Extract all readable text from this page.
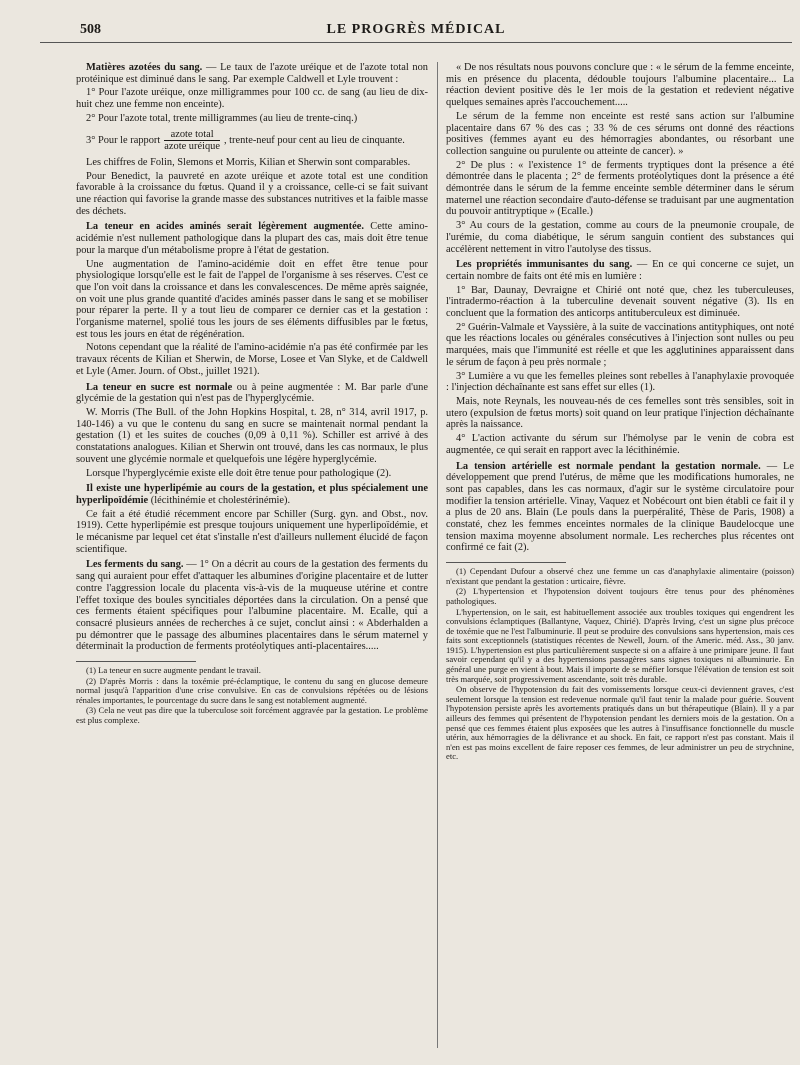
508	LE PROGRÈS MÉDICAL

Matières azotées du sang. — Le taux de l'azote uréique et de l'azote total non protéinique est diminué dans le sang. Par exemple Caldwell et Lyle trouvent :

1° Pour l'azote uréique, onze milligrammes pour 100 cc. de sang (au lieu de dix-huit chez une femme non enceinte).

2° Pour l'azote total, trente milligrammes (au lieu de trente-cinq.)

3° Pour le rapport $\frac{\text{azote total}}{\text{azote uréique}}$ , trente-neuf pour cent au lieu de cinquante.

Les chiffres de Folin, Slemons et Morris, Kilian et Sherwin sont comparables.

Pour Benedict, la pauvreté en azote uréique et azote total est une condition favorable à la croissance du fœtus. Quand il y a croissance, celle-ci se fait suivant une réaction qui favorise la grande masse des substances nutritives et la faible masse des déchets.

La teneur en acides aminés serait légèrement augmentée. Cette amino-acidémie n'est nullement pathologique dans la plupart des cas, mais doit être tenue pour la marque d'un métabolisme propre à l'état de gestation.

Une augmentation de l'amino-acidémie doit en effet être tenue pour physiologique lorsqu'elle est le fait de l'appel de l'organisme à ses réserves. C'est ce que l'on voit dans la croissance et dans les convalescences. De même après saignée, on voit une plus grande quantité d'acides aminés passer dans le sang et se mobiliser pour réparer la perte. Il y a tout lieu de comparer ce dernier cas et la gestation : l'organisme maternel, spolié tous les jours de ses éléments diffusibles par le fœtus, est tous les jours en état de régénération.

Notons cependant que la réalité de l'amino-acidémie n'a pas été confirmée par les travaux récents de Kilian et Sherwin, de Morse, Losee et Van Slyke, et de Caldwell et Lyle (Amer. Journ. of Obst., juillet 1921).

La teneur en sucre est normale ou à peine augmentée : M. Bar parle d'une glycémie de la gestation qui n'est pas de l'hyperglycémie.

W. Morris (The Bull. of the John Hopkins Hospital, t. 28, n° 314, avril 1917, p. 140-146) a vu que le contenu du sang en sucre se maintenait normal pendant la gestation (1) et les suites de couches (0,09 à 0,11 %). Schiller est arrivé à des constatations analogues. Kilian et Sherwin ont trouvé, dans les cas normaux, le plus souvent une glycémie normale et quelquefois une légère hyperglycémie.

Lorsque l'hyperglycémie existe elle doit être tenue pour pathologique (2).

Il existe une hyperlipémie au cours de la gestation, et plus spécialement une hyperlipoïdémie (lécithinémie et cholestérinémie).

Ce fait a été étudié récemment encore par Schiller (Surg. gyn. and Obst., nov. 1919). Cette hyperlipémie est presque toujours uniquement une hyperlipoïdémie, et le mécanisme par lequel cet état s'installe n'est d'ailleurs nullement élucidé de façon scientifique.

Les ferments du sang. — 1° On a décrit au cours de la gestation des ferments du sang qui auraient pour effet d'attaquer les albumines d'origine placentaire et de lutter contre l'aggression locale du placenta vis-à-vis de la muqueuse utérine et contre l'effet toxique des boules syncitiales déportées dans la circulation. On a pensé que ces ferments étaient spécifiques pour l'albumine placentaire. M. Ecalle, qui a consacré plusieurs années de recherches à ce sujet, conclut ainsi : « Abderhalden a pu démontrer que le passage des albumines placentaires dans le sérum maternel y déterminait la production de ferments protéolytiques anti-placentaires.....

(1) La teneur en sucre augmente pendant le travail.

(2) D'après Morris : dans la toxémie pré-éclamptique, le contenu du sang en glucose demeure normal jusqu'à l'apparition d'une crise convulsive. En cas de convulsions répétées ou de lésions rénales importantes, le pourcentage du sucre dans le sang est notablement augmenté.

(3) Cela ne veut pas dire que la tuberculose soit forcément aggravée par la gestation. Le problème est plus complexe.

« De nos résultats nous pouvons conclure que : « le sérum de la femme enceinte, mis en présence du placenta, dédouble toujours l'albumine placentaire... La réaction devient positive dès le 1er mois de la gestation et redevient négative quelques semaines après l'accouchement.....

Le sérum de la femme non enceinte est resté sans action sur l'albumine placentaire dans 67 % des cas ; 33 % de ces sérums ont donné des réactions positives (femmes ayant eu des hémorragies abondantes, ou résorbant une collection sanguine ou purulente ou atteinte de cancer). »

2° De plus : « l'existence 1° de ferments tryptiques dont la présence a été démontrée dans le placenta ; 2° de ferments protéolytiques dont la présence a été démontrée dans le sérum de la femme enceinte semble déterminer dans le sérum maternel une réaction secondaire d'auto-défense se traduisant par une augmentation du pouvoir antitryptique » (Ecalle.)

3° Au cours de la gestation, comme au cours de la pneumonie croupale, de l'urémie, du coma diabétique, le sérum sanguin contient des substances qui accélèrent nettement in vitro l'autolyse des tissus.

Les propriétés immunisantes du sang. — En ce qui concerne ce sujet, un certain nombre de faits ont été mis en lumière :

1° Bar, Daunay, Devraigne et Chirié ont noté que, chez les tuberculeuses, l'intradermo-réaction à la tuberculine devenait souvent négative (3). Ils en concluent que la formation des anticorps antituberculeux est diminuée.

2° Guérin-Valmale et Vayssière, à la suite de vaccinations antityphiques, ont noté que les réactions locales ou générales consécutives à l'injection sont nulles ou peu marquées, mais que l'immunité est réelle et que les agglutinines apparaissent dans le sérum de façon à peu près normale ;

3° Lumière a vu que les femelles pleines sont rebelles à l'anaphylaxie provoquée : l'injection déchaînante est sans effet sur elles (1).

Mais, note Reynals, les nouveau-nés de ces femelles sont très sensibles, soit in utero (expulsion de fœtus morts) soit quand on leur pratique l'injection déchaînante après la naissance.

4° L'action activante du sérum sur l'hémolyse par le venin de cobra est augmentée, ce qui serait en rapport avec la lécithinémie.

La tension artérielle est normale pendant la gestation normale. — Le développement que prend l'utérus, de même que les modifications humorales, ne sont pas capables, dans les cas normaux, d'agir sur le système circulatoire pour modifier la tension artérielle. Vinay, Vaquez et Nobécourt ont bien établi ce fait il y a plus de 20 ans. Blain (Le pouls dans la puerpéralité, Thèse de Paris, 1908) a constaté, chez les femmes enceintes normales de la clinique Baudelocque une tension maxima moyenne absolument normale. Les recherches plus récentes ont confirmé ce fait (2).

(1) Cependant Dufour a observé chez une femme un cas d'anaphylaxie alimentaire (poisson) n'existant que pendant la gestation : urticaire, fièvre.

(2) L'hypertension et l'hypotension doivent toujours être tenus pour des phénomènes pathologiques.

L'hypertension, on le sait, est habituellement associée aux troubles toxiques qui engendrent les convulsions éclamptiques (Ballantyne, Vaquez, Chirié). D'après Irving, c'est un signe plus précoce de toxémie que ne l'est l'albuminurie. Il peut se produire des convulsions sans hypertension, mais ces faits sont exceptionnels (statistiques récentes de Newell, Journ. of the Americ. méd. Ass., 30 janv. 1915). L'hypertension est plus particulièrement suspecte si on a affaire à une primipare jeune. Il faut savoir cependant qu'il y a des hypertensions passagères sans signes toxiques ni albuminurie. En général une purge en vient à bout. Mais il importe de se méfier lorsque l'élévation de tension est soit très marquée, soit progressivement ascendante, soit très durable.

On observe de l'hypotension du fait des vomissements lorsque ceux-ci deviennent graves, c'est seulement lorsque la tension est redevenue normale qu'il faut tenir la malade pour guérie. Souvent l'hypotension persiste après les avortements pratiqués dans un but thérapeutique (Blain). Il y a par ailleurs des femmes qui présentent de l'hypotension pendant les derniers mois de la gestation. On a pensé que ces femmes étaient plus exposées que les autres à l'insuffisance fonctionnelle du muscle utérin, aux hémorragies de la délivrance et au shock. En fait, ce rapport n'est pas constant. Mais il n'en est pas moins excellent de faire reposer ces femmes, de leur administrer un peu de strychnine, etc.
